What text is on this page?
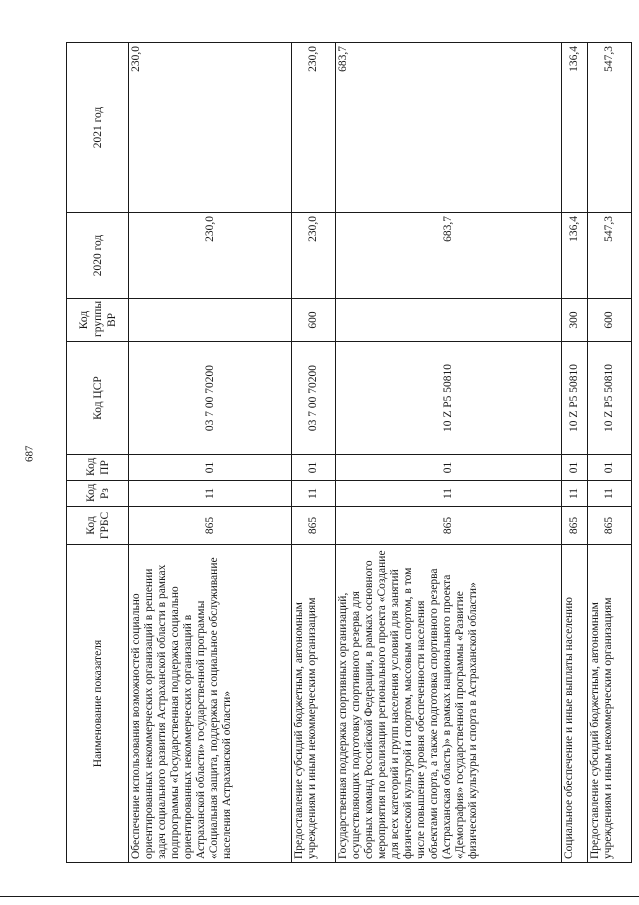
687
Наименование показателя	Код ГРБС	Код Рз	Код ПР	Код ЦСР	Код группы ВР	2020 год	2021 год
Обеспечение использования возможностей социально ориентированных некоммерческих организаций в решении задач социального развития Астраханской области в рамках подпрограммы «Государственная поддержка социально ориентированных некоммерческих организаций в Астраханской области» государственной программы «Социальная защита, поддержка и социальное обслуживание населения Астраханской области»	865	11	01	03 7 00 70200		230,0	230,0
Предоставление субсидий бюджетным, автономным учреждениям и иным некоммерческим организациям	865	11	01	03 7 00 70200	600	230,0	230,0
Государственная поддержка спортивных организаций, осуществляющих подготовку спортивного резерва для сборных команд Российской Федерации, в рамках основного мероприятия по реализации регионального проекта «Создание для всех категорий и групп населения условий для занятий физической культурой и спортом, массовым спортом, в том числе повышение уровня обеспеченности населения объектами спорта, а также подготовка спортивного резерва (Астраханская область)» в рамках национального проекта «Демография» государственной программы «Развитие физической культуры и спорта в Астраханской области»	865	11	01	10 Z P5 50810		683,7	683,7
Социальное обеспечение и иные выплаты населению	865	11	01	10 Z P5 50810	300	136,4	136,4
Предоставление субсидий бюджетным, автономным учреждениям и иным некоммерческим организациям	865	11	01	10 Z P5 50810	600	547,3	547,3
